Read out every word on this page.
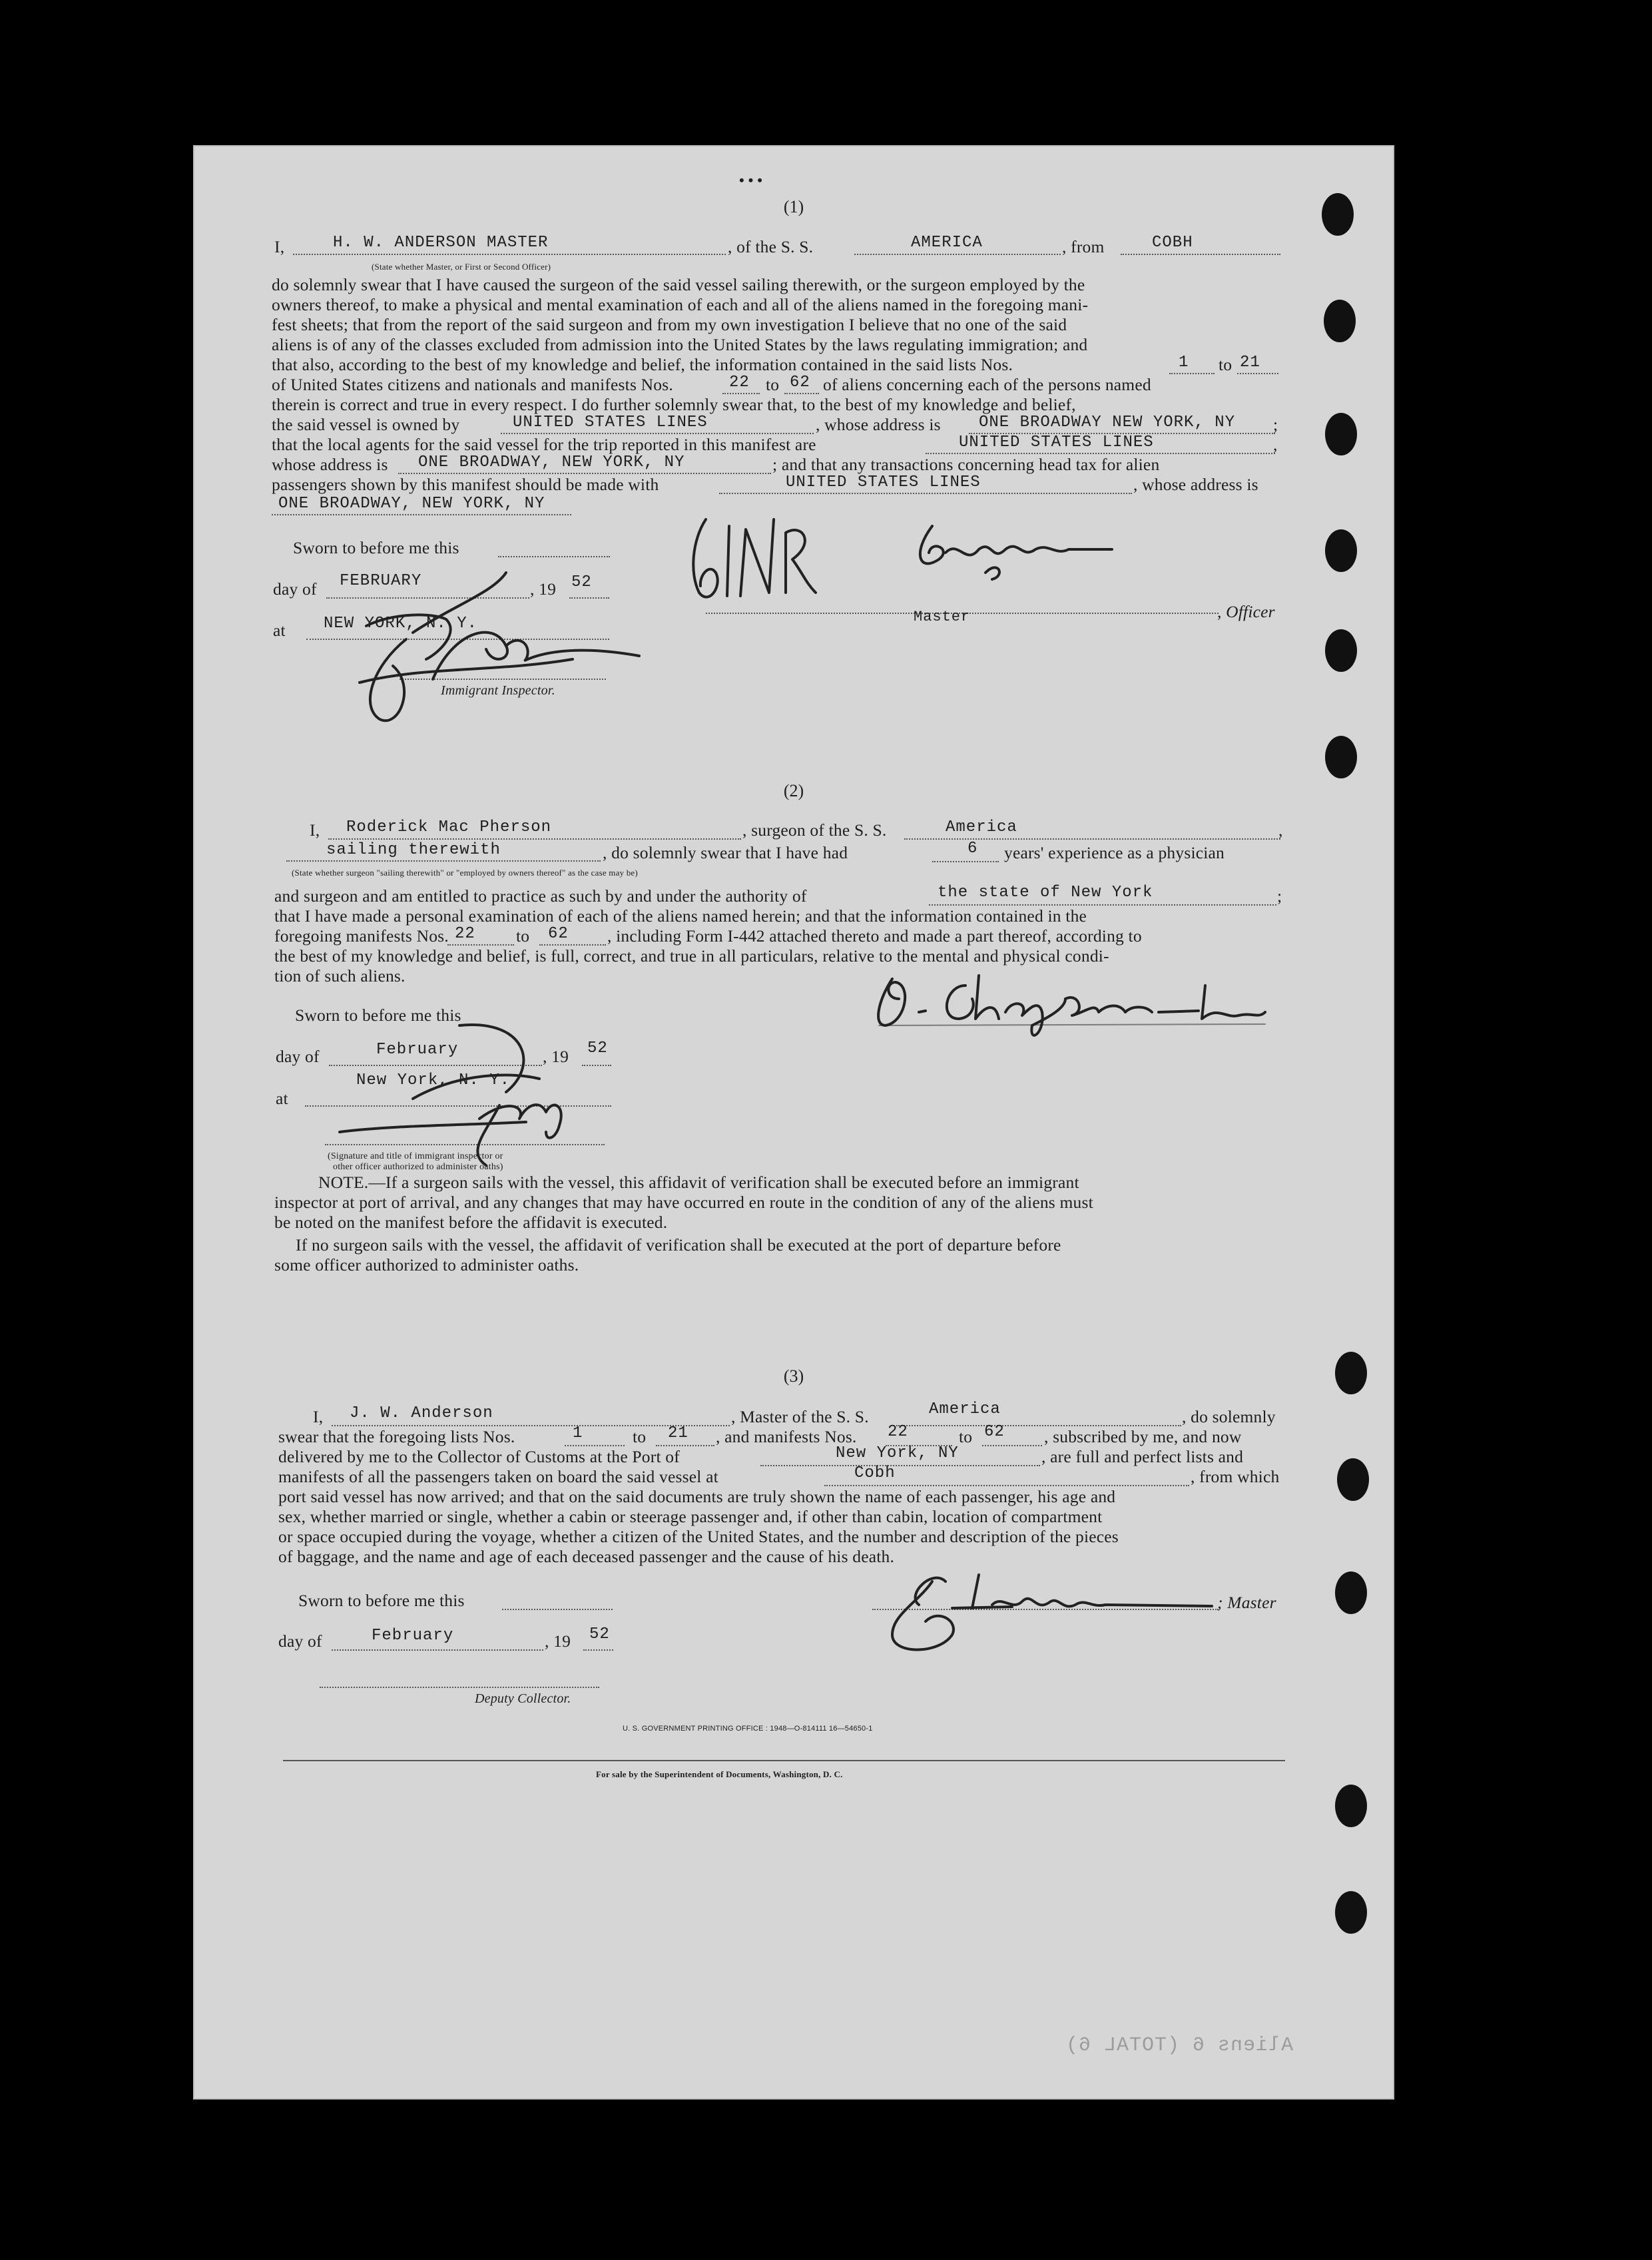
Aliens 6 (TOTAL 6)
(1)
I,	H. W. ANDERSON MASTER	, of the S. S.	AMERICA	, from	COBH
(State whether Master, or First or Second Officer)
do solemnly swear that I have caused the surgeon of the said vessel sailing therewith, or the surgeon employed by the
owners thereof, to make a physical and mental examination of each and all of the aliens named in the foregoing mani-
fest sheets; that from the report of the said surgeon and from my own investigation I believe that no one of the said
aliens is of any of the classes excluded from admission into the United States by the laws regulating immigration; and
that also, according to the best of my knowledge and belief, the information contained in the said lists Nos.	1 to 21
of United States citizens and nationals and manifests Nos.	22 to 62 of aliens concerning each of the persons named
therein is correct and true in every respect. I do further solemnly swear that, to the best of my knowledge and belief,
the said vessel is owned by	UNITED STATES LINES	, whose address is ONE BROADWAY NEW YORK, NY ;
that the local agents for the said vessel for the trip reported in this manifest are	UNITED STATES LINES	,
whose address is ONE BROADWAY, NEW YORK, NY	; and that any transactions concerning head tax for alien
passengers shown by this manifest should be made with	UNITED STATES LINES	, whose address is
ONE BROADWAY, NEW YORK, NY
Sworn to before me this
day of FEBRUARY	, 19 52
at NEW YORK, N. Y.
Immigrant Inspector.
Master	, Officer
(2)
I, Roderick Mac Pherson	, surgeon of the S. S.	America	,
sailing therewith	, do solemnly swear that I have had	6 years' experience as a physician
(State whether surgeon "sailing therewith" or "employed by owners thereof" as the case may be)
and surgeon and am entitled to practice as such by and under the authority of	the state of New York	;
that I have made a personal examination of each of the aliens named herein; and that the information contained in the
foregoing manifests Nos. 22 to 62 , including Form I-442 attached thereto and made a part thereof, according to
the best of my knowledge and belief, is full, correct, and true in all particulars, relative to the mental and physical condi-
tion of such aliens.
Sworn to before me this
day of	February	, 19 52
New York, N. Y.
at
(Signature and title of immigrant inspector or
other officer authorized to administer oaths)
NOTE.—If a surgeon sails with the vessel, this affidavit of verification shall be executed before an immigrant
inspector at port of arrival, and any changes that may have occurred en route in the condition of any of the aliens must
be noted on the manifest before the affidavit is executed.
If no surgeon sails with the vessel, the affidavit of verification shall be executed at the port of departure before
some officer authorized to administer oaths.
(3)
I, J. W. Anderson	, Master of the S. S.	America	, do solemnly
swear that the foregoing lists Nos.	1	to 21 , and manifests Nos. 22	to 62 , subscribed by me, and now
delivered by me to the Collector of Customs at the Port of	New York, NY	, are full and perfect lists and
manifests of all the passengers taken on board the said vessel at	Cobh	, from which
port said vessel has now arrived; and that on the said documents are truly shown the name of each passenger, his age and
sex, whether married or single, whether a cabin or steerage passenger and, if other than cabin, location of compartment
or space occupied during the voyage, whether a citizen of the United States, and the number and description of the pieces
of baggage, and the name and age of each deceased passenger and the cause of his death.
Sworn to before me this	; Master
day of	February	, 19 52
Deputy Collector.
U. S. GOVERNMENT PRINTING OFFICE : 1948—O-814111 16—54650-1
For sale by the Superintendent of Documents, Washington, D. C.
• • •
